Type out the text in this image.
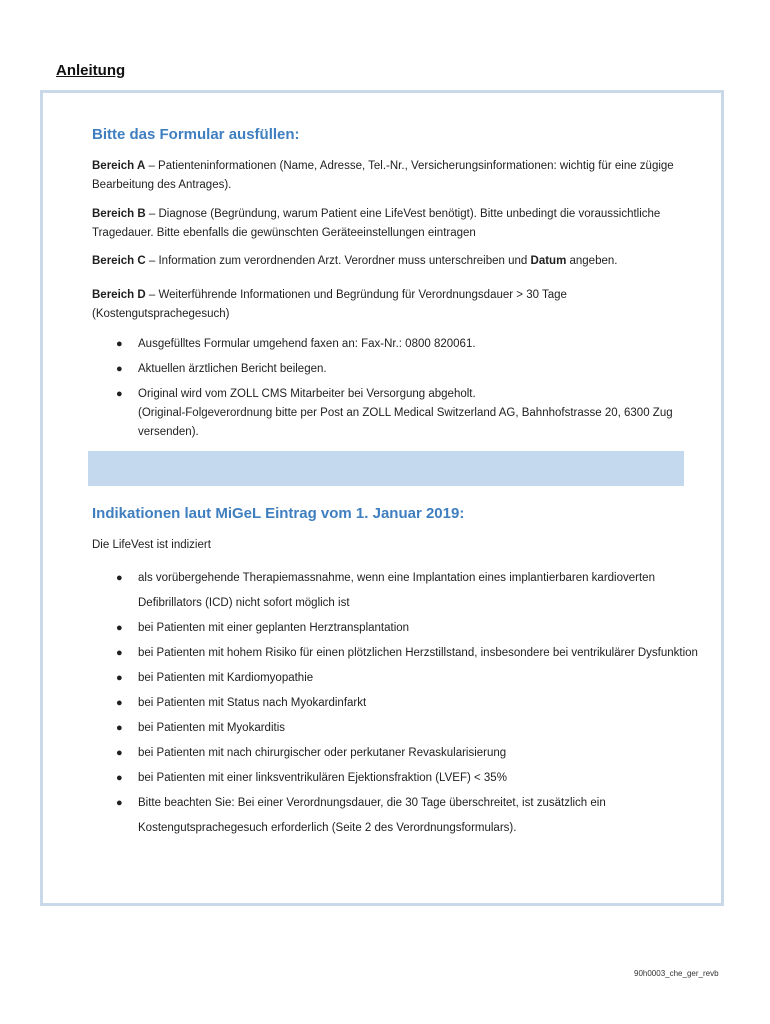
Anleitung
Bitte das Formular ausfüllen:

Bereich A – Patienteninformationen (Name, Adresse, Tel.-Nr., Versicherungsinformationen: wichtig für eine zügige Bearbeitung des Antrages).

Bereich B – Diagnose (Begründung, warum Patient eine LifeVest benötigt). Bitte unbedingt die voraussichtliche Tragedauer. Bitte ebenfalls die gewünschten Geräteeinstellungen eintragen

Bereich C – Information zum verordnenden Arzt. Verordner muss unterschreiben und Datum angeben.

Bereich D – Weiterführende Informationen und Begründung für Verordnungsdauer > 30 Tage (Kostengutsprachegesuch)

● Ausgefülltes Formular umgehend faxen an: Fax-Nr.: 0800 820061.
● Aktuellen ärztlichen Bericht beilegen.
● Original wird vom ZOLL CMS Mitarbeiter bei Versorgung abgeholt.
(Original-Folgeverordnung bitte per Post an ZOLL Medical Switzerland AG, Bahnhofstrasse 20, 6300 Zug versenden).
Indikationen laut MiGeL Eintrag vom 1. Januar 2019:

Die LifeVest ist indiziert

● als vorübergehende Therapiemassnahme, wenn eine Implantation eines implantierbaren kardioverten Defibrillators (ICD) nicht sofort möglich ist
● bei Patienten mit einer geplanten Herztransplantation
● bei Patienten mit hohem Risiko für einen plötzlichen Herzstillstand, insbesondere bei ventrikulärer Dysfunktion
● bei Patienten mit Kardiomyopathie
● bei Patienten mit Status nach Myokardinfarkt
● bei Patienten mit Myokarditis
● bei Patienten mit nach chirurgischer oder perkutaner Revaskularisierung
● bei Patienten mit einer linksventrikulären Ejektionsfraktion (LVEF) < 35%
● Bitte beachten Sie: Bei einer Verordnungsdauer, die 30 Tage überschreitet, ist zusätzlich ein Kostengutsprachegesuch erforderlich (Seite 2 des Verordnungsformulars).
90h0003_che_ger_revb
